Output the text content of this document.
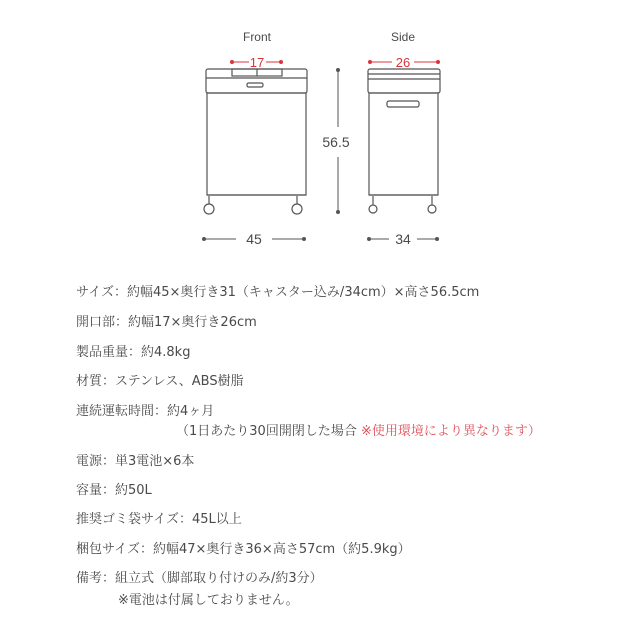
Front
17
45
56.5
Side
26
34
サイズ：約幅45×奥行き31（キャスター込み/34cm）×高さ56.5cm
開口部：約幅17×奥行き26cm
製品重量：約4.8kg
材質：ステンレス、ABS樹脂
連続運転時間：約4ヶ月
（1日あたり30回開閉した場合 ※使用環境により異なります）
電源：単3電池×6本
容量：約50L
推奨ゴミ袋サイズ：45L以上
梱包サイズ：約幅47×奥行き36×高さ57cm（約5.9kg）
備考：組立式（脚部取り付けのみ/約3分）
※電池は付属しておりません。
